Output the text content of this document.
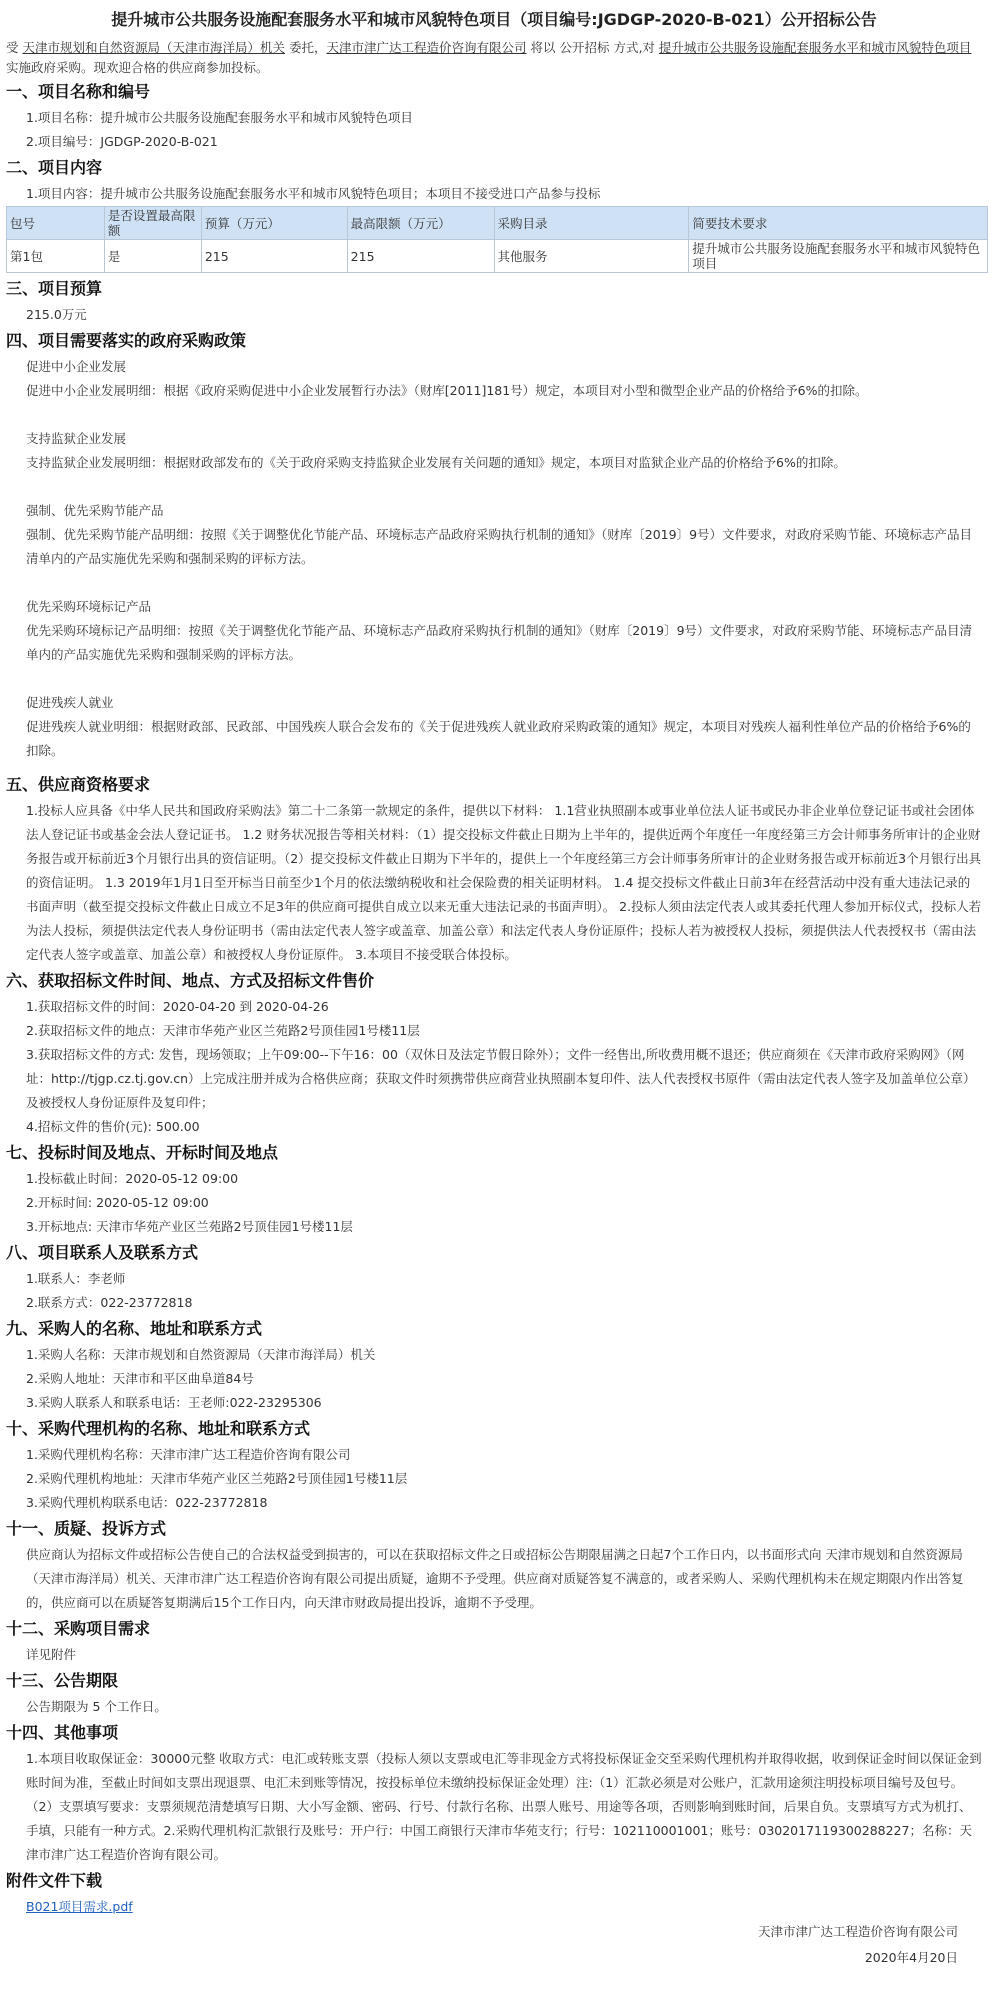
提升城市公共服务设施配套服务水平和城市风貌特色项目（项目编号:JGDGP-2020-B-021）公开招标公告
受 天津市规划和自然资源局（天津市海洋局）机关 委托，天津市津广达工程造价咨询有限公司 将以 公开招标 方式,对 提升城市公共服务设施配套服务水平和城市风貌特色项目 实施政府采购。现欢迎合格的供应商参加投标。
一、项目名称和编号
1.项目名称：提升城市公共服务设施配套服务水平和城市风貌特色项目
2.项目编号：JGDGP-2020-B-021
二、项目内容
1.项目内容：提升城市公共服务设施配套服务水平和城市风貌特色项目；本项目不接受进口产品参与投标
包号	是否设置最高限额	预算（万元）	最高限额（万元）	采购目录	简要技术要求
第1包	是	215	215	其他服务	提升城市公共服务设施配套服务水平和城市风貌特色项目
三、项目预算
215.0万元
四、项目需要落实的政府采购政策
促进中小企业发展
促进中小企业发展明细：根据《政府采购促进中小企业发展暂行办法》（财库[2011]181号）规定，本项目对小型和微型企业产品的价格给予6%的扣除。
支持监狱企业发展
支持监狱企业发展明细：根据财政部发布的《关于政府采购支持监狱企业发展有关问题的通知》规定，本项目对监狱企业产品的价格给予6%的扣除。
强制、优先采购节能产品
强制、优先采购节能产品明细：按照《关于调整优化节能产品、环境标志产品政府采购执行机制的通知》（财库〔2019〕9号）文件要求，对政府采购节能、环境标志产品目清单内的产品实施优先采购和强制采购的评标方法。
优先采购环境标记产品
优先采购环境标记产品明细：按照《关于调整优化节能产品、环境标志产品政府采购执行机制的通知》（财库〔2019〕9号）文件要求，对政府采购节能、环境标志产品目清单内的产品实施优先采购和强制采购的评标方法。
促进残疾人就业
促进残疾人就业明细：根据财政部、民政部、中国残疾人联合会发布的《关于促进残疾人就业政府采购政策的通知》规定，本项目对残疾人福利性单位产品的价格给予6%的扣除。
五、供应商资格要求
1.投标人应具备《中华人民共和国政府采购法》第二十二条第一款规定的条件，提供以下材料： 1.1营业执照副本或事业单位法人证书或民办非企业单位登记证书或社会团体法人登记证书或基金会法人登记证书。 1.2 财务状况报告等相关材料：（1）提交投标文件截止日期为上半年的，提供近两个年度任一年度经第三方会计师事务所审计的企业财务报告或开标前近3个月银行出具的资信证明。（2）提交投标文件截止日期为下半年的，提供上一个年度经第三方会计师事务所审计的企业财务报告或开标前近3个月银行出具的资信证明。 1.3 2019年1月1日至开标当日前至少1个月的依法缴纳税收和社会保险费的相关证明材料。 1.4 提交投标文件截止日前3年在经营活动中没有重大违法记录的书面声明（截至提交投标文件截止日成立不足3年的供应商可提供自成立以来无重大违法记录的书面声明）。 2.投标人须由法定代表人或其委托代理人参加开标仪式，投标人若为法人投标，须提供法定代表人身份证明书（需由法定代表人签字或盖章、加盖公章）和法定代表人身份证原件；投标人若为被授权人投标，须提供法人代表授权书（需由法定代表人签字或盖章、加盖公章）和被授权人身份证原件。 3.本项目不接受联合体投标。
六、获取招标文件时间、地点、方式及招标文件售价
1.获取招标文件的时间：2020-04-20 到 2020-04-26
2.获取招标文件的地点：天津市华苑产业区兰苑路2号顶佳园1号楼11层
3.获取招标文件的方式: 发售，现场领取；上午09:00--下午16：00（双休日及法定节假日除外）；文件一经售出,所收费用概不退还；供应商须在《天津市政府采购网》（网址：http://tjgp.cz.tj.gov.cn）上完成注册并成为合格供应商；获取文件时须携带供应商营业执照副本复印件、法人代表授权书原件（需由法定代表人签字及加盖单位公章）及被授权人身份证原件及复印件；
4.招标文件的售价(元): 500.00
七、投标时间及地点、开标时间及地点
1.投标截止时间：2020-05-12 09:00
2.开标时间: 2020-05-12 09:00
3.开标地点: 天津市华苑产业区兰苑路2号顶佳园1号楼11层
八、项目联系人及联系方式
1.联系人：李老师
2.联系方式：022-23772818
九、采购人的名称、地址和联系方式
1.采购人名称：天津市规划和自然资源局（天津市海洋局）机关
2.采购人地址：天津市和平区曲阜道84号
3.采购人联系人和联系电话：王老师:022-23295306
十、采购代理机构的名称、地址和联系方式
1.采购代理机构名称：天津市津广达工程造价咨询有限公司
2.采购代理机构地址：天津市华苑产业区兰苑路2号顶佳园1号楼11层
3.采购代理机构联系电话：022-23772818
十一、质疑、投诉方式
供应商认为招标文件或招标公告使自己的合法权益受到损害的，可以在获取招标文件之日或招标公告期限届满之日起7个工作日内，以书面形式向 天津市规划和自然资源局（天津市海洋局）机关、天津市津广达工程造价咨询有限公司提出质疑，逾期不予受理。供应商对质疑答复不满意的，或者采购人、采购代理机构未在规定期限内作出答复的，供应商可以在质疑答复期满后15个工作日内，向天津市财政局提出投诉，逾期不予受理。
十二、采购项目需求
详见附件
十三、公告期限
公告期限为 5 个工作日。
十四、其他事项
1.本项目收取保证金：30000元整 收取方式：电汇或转账支票（投标人须以支票或电汇等非现金方式将投标保证金交至采购代理机构并取得收据，收到保证金时间以保证金到账时间为准，至截止时间如支票出现退票、电汇未到账等情况，按投标单位未缴纳投标保证金处理）注:（1）汇款必须是对公账户，汇款用途须注明投标项目编号及包号。（2）支票填写要求：支票须规范清楚填写日期、大小写金额、密码、行号、付款行名称、出票人账号、用途等各项，否则影响到账时间，后果自负。支票填写方式为机打、手填，只能有一种方式。2.采购代理机构汇款银行及账号：开户行：中国工商银行天津市华苑支行；行号：102110001001；账号：0302017119300288227；名称：天津市津广达工程造价咨询有限公司。
附件文件下载
B021项目需求.pdf
天津市津广达工程造价咨询有限公司
2020年4月20日
